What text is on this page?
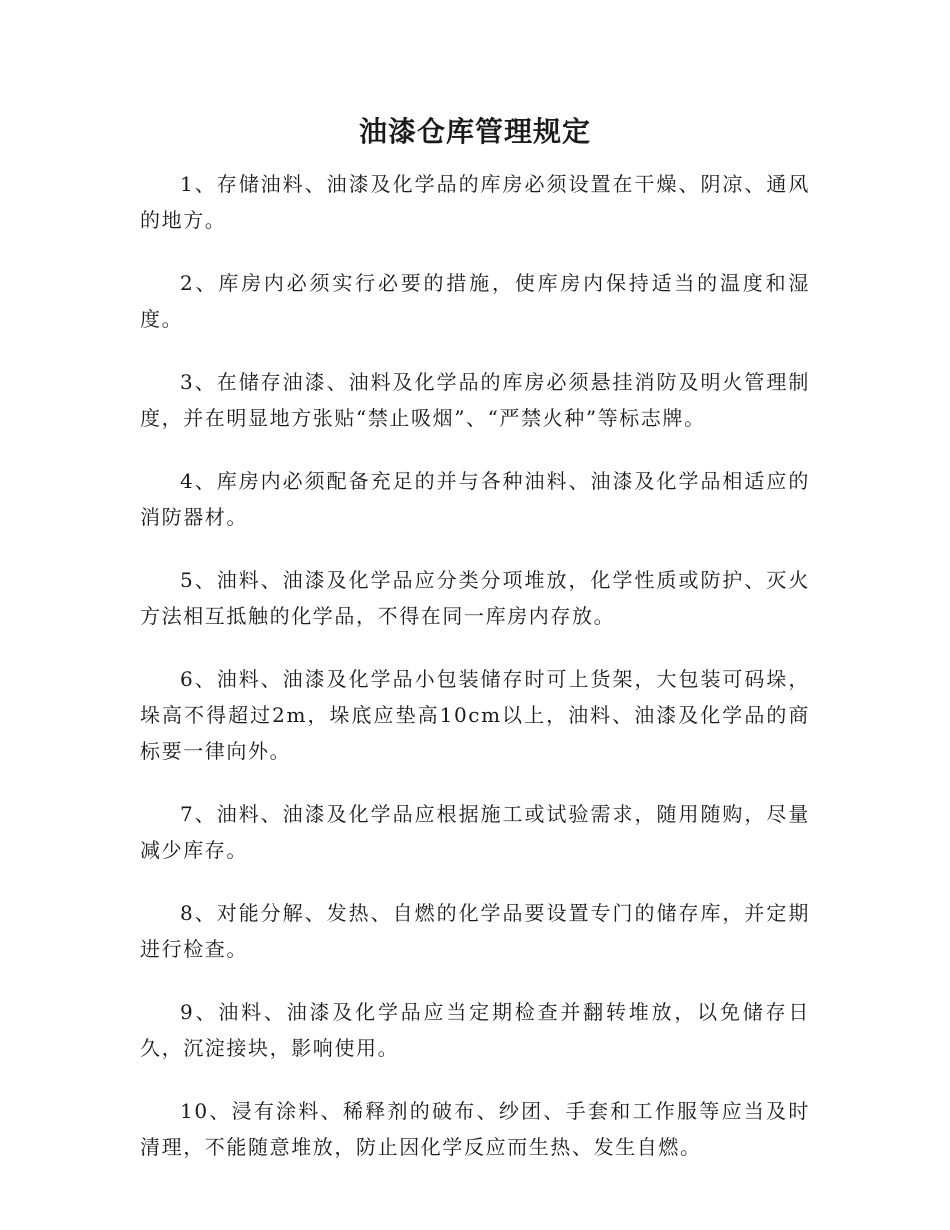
油漆仓库管理规定

1、存储油料、油漆及化学品的库房必须设置在干燥、阴凉、通风的地方。

2、库房内必须实行必要的措施，使库房内保持适当的温度和湿度。

3、在储存油漆、油料及化学品的库房必须悬挂消防及明火管理制度，并在明显地方张贴“禁止吸烟”、“严禁火种”等标志牌。

4、库房内必须配备充足的并与各种油料、油漆及化学品相适应的消防器材。

5、油料、油漆及化学品应分类分项堆放，化学性质或防护、灭火方法相互抵触的化学品，不得在同一库房内存放。

6、油料、油漆及化学品小包装储存时可上货架，大包装可码垛，垛高不得超过2m，垛底应垫高10cm以上，油料、油漆及化学品的商标要一律向外。

7、油料、油漆及化学品应根据施工或试验需求，随用随购，尽量减少库存。

8、对能分解、发热、自燃的化学品要设置专门的储存库，并定期进行检查。

9、油料、油漆及化学品应当定期检查并翻转堆放，以免储存日久，沉淀接块，影响使用。

10、浸有涂料、稀释剂的破布、纱团、手套和工作服等应当及时清理，不能随意堆放，防止因化学反应而生热、发生自燃。
